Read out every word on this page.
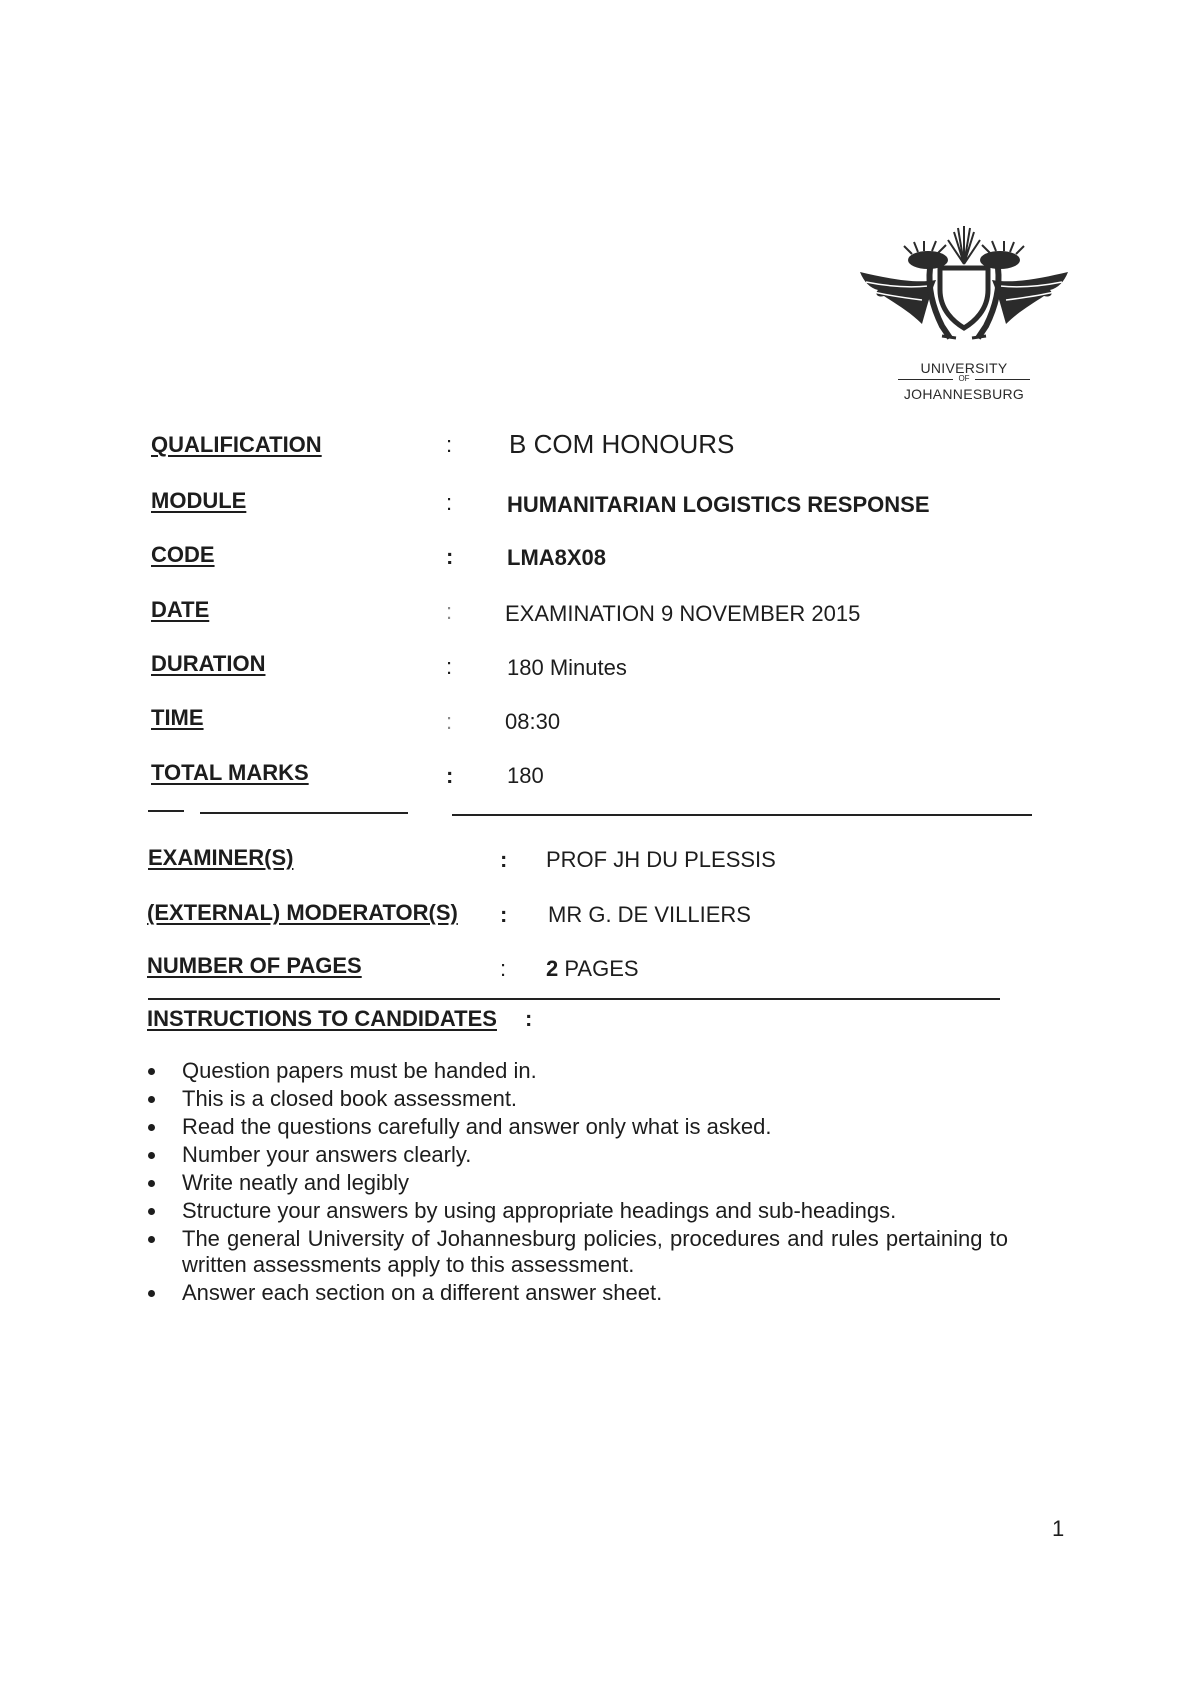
UNIVERSITY
OF
JOHANNESBURG
QUALIFICATION	: B COM HONOURS
MODULE	: HUMANITARIAN LOGISTICS RESPONSE
CODE	: LMA8X08
DATE	: EXAMINATION 9 NOVEMBER 2015
DURATION	: 180 Minutes
TIME	: 08:30
TOTAL MARKS	: 180
EXAMINER(S)	: PROF JH DU PLESSIS
(EXTERNAL) MODERATOR(S) : MR G. DE VILLIERS
NUMBER OF PAGES	: 2 PAGES
INSTRUCTIONS TO CANDIDATES :
Question papers must be handed in.
This is a closed book assessment.
Read the questions carefully and answer only what is asked.
Number your answers clearly.
Write neatly and legibly
Structure your answers by using appropriate headings and sub-headings.
The general University of Johannesburg policies, procedures and rules pertaining to written assessments apply to this assessment.
Answer each section on a different answer sheet.
1
